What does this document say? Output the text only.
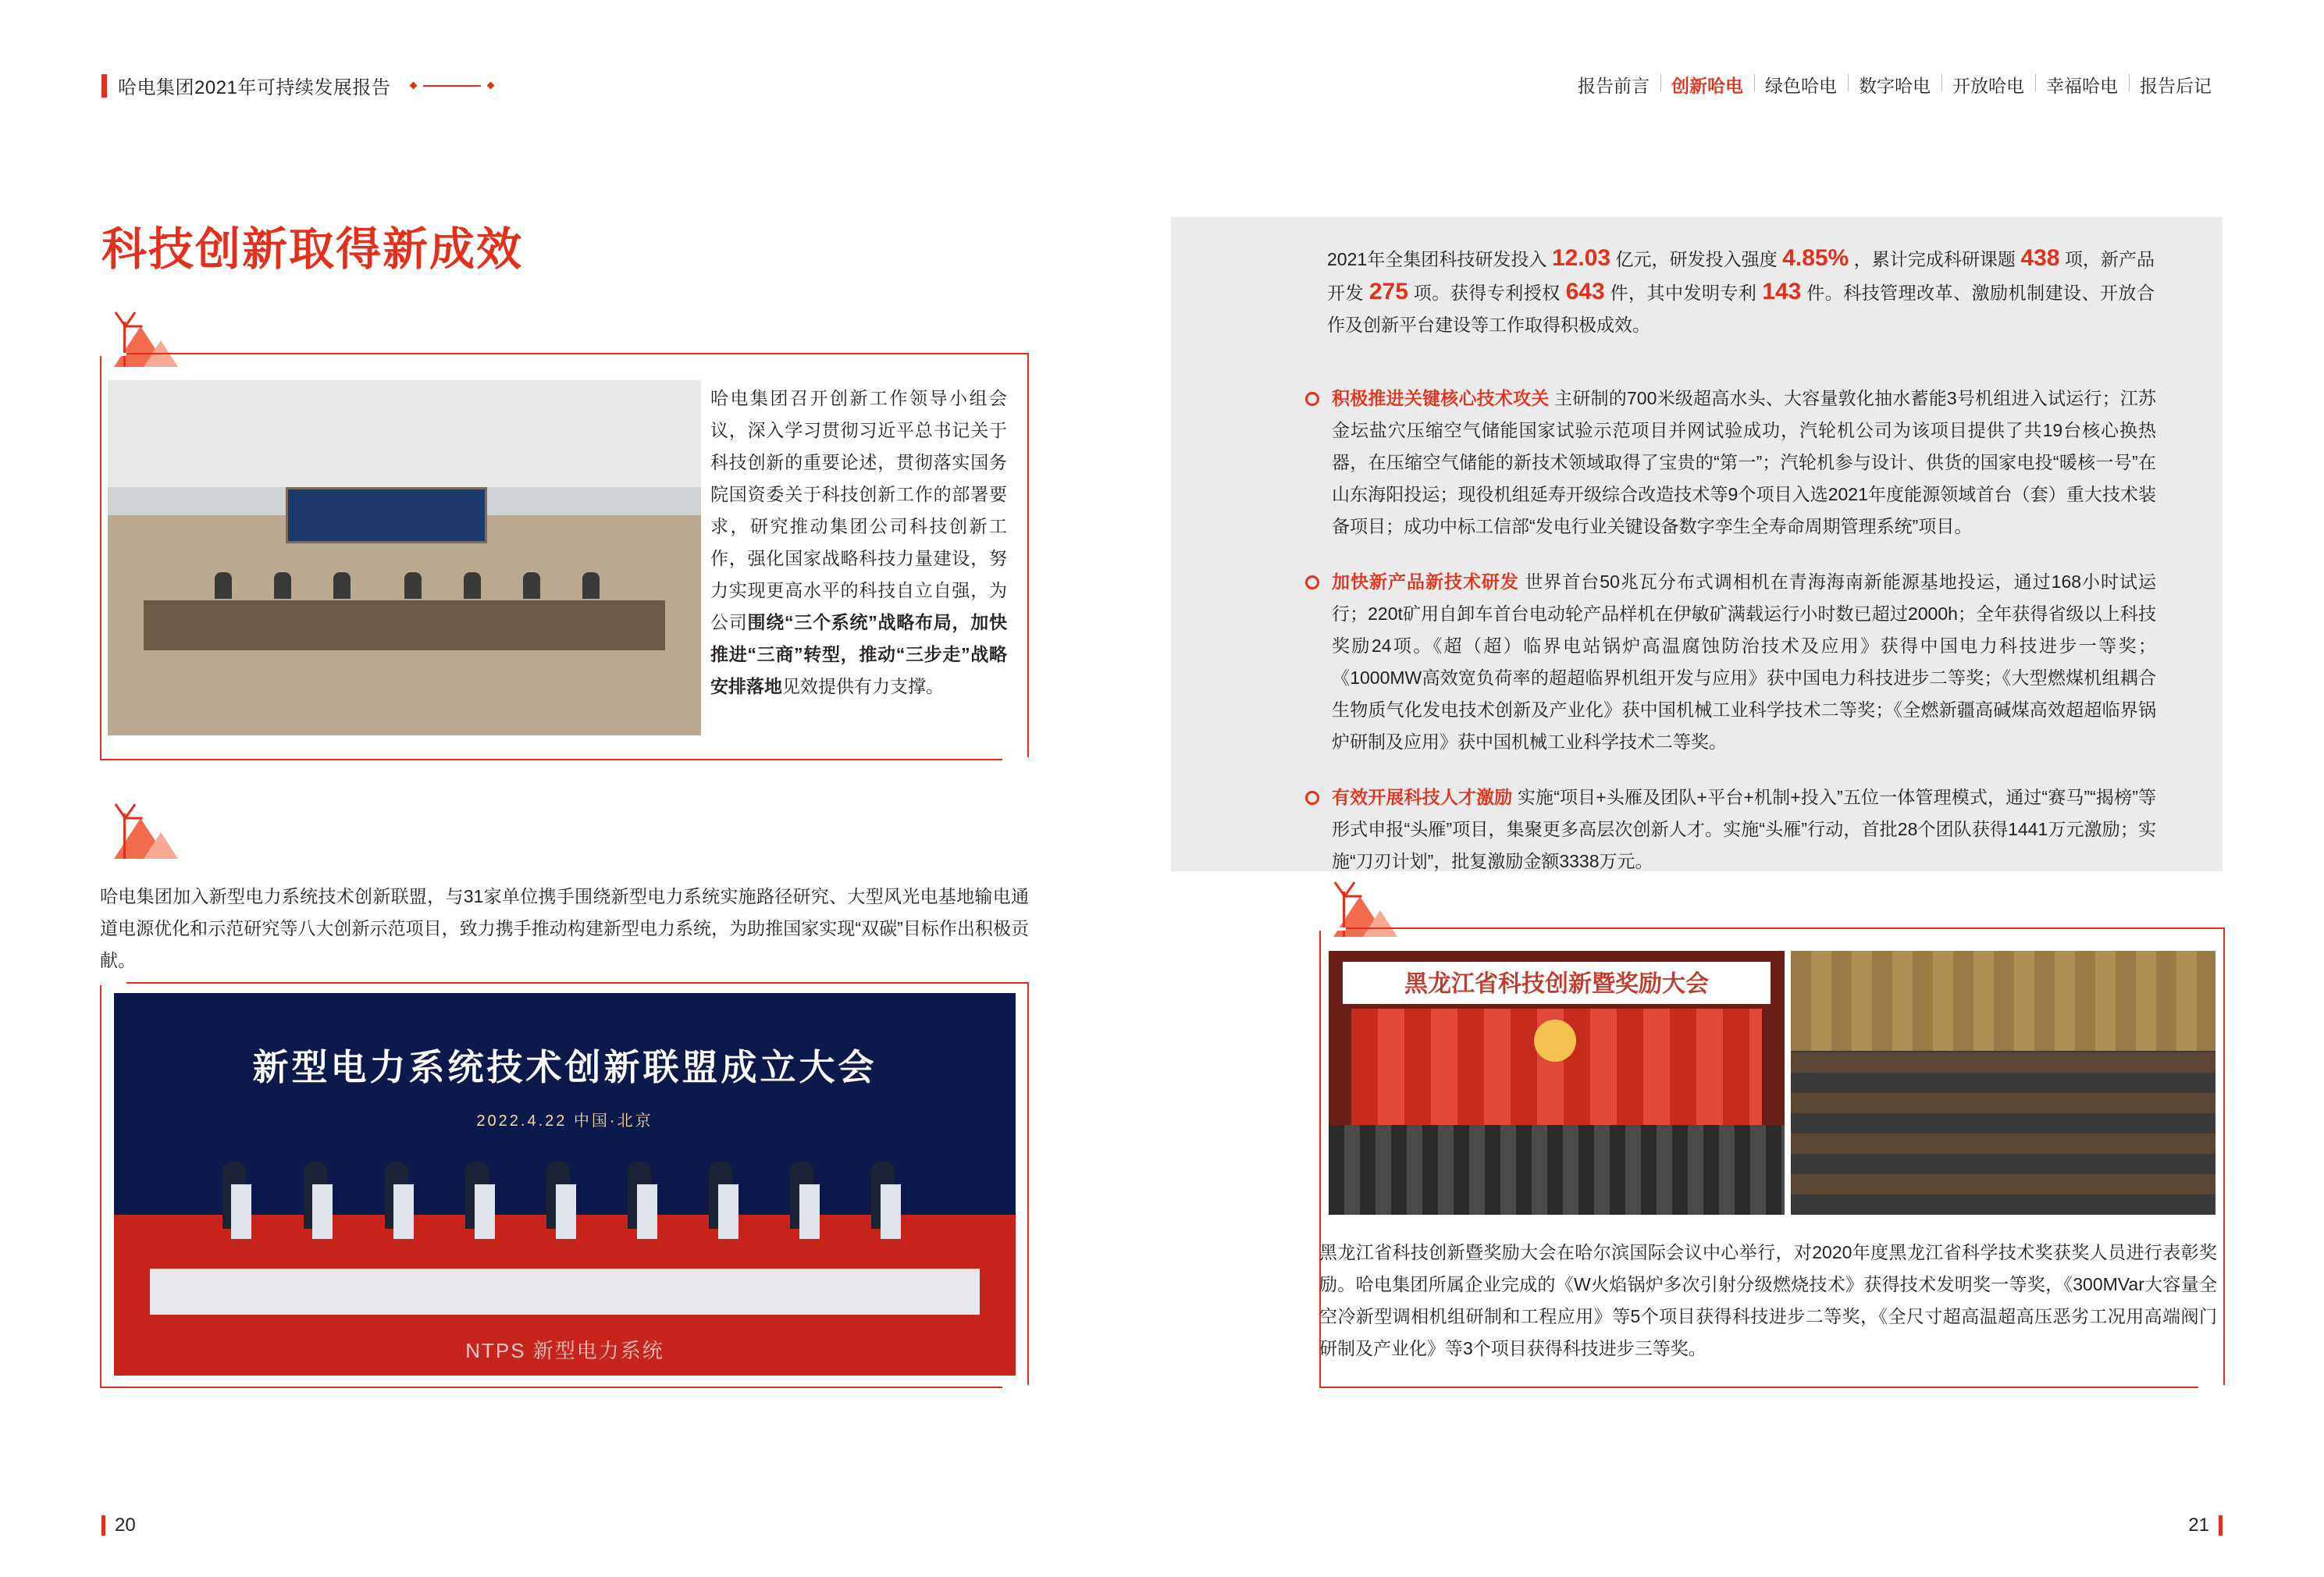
哈电集团2021年可持续发展报告	报告前言	创新哈电	绿色哈电	数字哈电	开放哈电	幸福哈电	报告后记
科技创新取得新成效
哈电集团召开创新工作领导小组会议，深入学习贯彻习近平总书记关于科技创新的重要论述，贯彻落实国务院国资委关于科技创新工作的部署要求，研究推动集团公司科技创新工作，强化国家战略科技力量建设，努力实现更高水平的科技自立自强，为公司围绕“三个系统”战略布局，加快推进“三商”转型，推动“三步走”战略安排落地见效提供有力支撑。
哈电集团加入新型电力系统技术创新联盟，与31家单位携手围绕新型电力系统实施路径研究、大型风光电基地输电通道电源优化和示范研究等八大创新示范项目，致力携手推动构建新型电力系统，为助推国家实现“双碳”目标作出积极贡献。
新型电力系统技术创新联盟成立大会
2022.4.22 中国·北京
NTPS 新型电力系统
20
2021年全集团科技研发投入 12.03 亿元，研发投入强度 4.85% ，累计完成科研课题 438 项，新产品开发 275 项。获得专利授权 643 件，其中发明专利 143 件。科技管理改革、激励机制建设、开放合作及创新平台建设等工作取得积极成效。
积极推进关键核心技术攻关 主研制的700米级超高水头、大容量敦化抽水蓄能3号机组进入试运行；江苏金坛盐穴压缩空气储能国家试验示范项目并网试验成功，汽轮机公司为该项目提供了共19台核心换热器，在压缩空气储能的新技术领域取得了宝贵的“第一”；汽轮机参与设计、供货的国家电投“暖核一号”在山东海阳投运；现役机组延寿开级综合改造技术等9个项目入选2021年度能源领域首台（套）重大技术装备项目；成功中标工信部“发电行业关键设备数字孪生全寿命周期管理系统”项目。
加快新产品新技术研发 世界首台50兆瓦分布式调相机在青海海南新能源基地投运，通过168小时试运行；220t矿用自卸车首台电动轮产品样机在伊敏矿满载运行小时数已超过2000h；全年获得省级以上科技奖励24项。《超（超）临界电站锅炉高温腐蚀防治技术及应用》获得中国电力科技进步一等奖；《1000MW高效宽负荷率的超超临界机组开发与应用》获中国电力科技进步二等奖；《大型燃煤机组耦合生物质气化发电技术创新及产业化》获中国机械工业科学技术二等奖；《全燃新疆高碱煤高效超超临界锅炉研制及应用》获中国机械工业科学技术二等奖。
有效开展科技人才激励 实施“项目+头雁及团队+平台+机制+投入”五位一体管理模式，通过“赛马”“揭榜”等形式申报“头雁”项目，集聚更多高层次创新人才。实施“头雁”行动，首批28个团队获得1441万元激励；实施“刀刃计划”，批复激励金额3338万元。
黑龙江省科技创新暨奖励大会
黑龙江省科技创新暨奖励大会在哈尔滨国际会议中心举行，对2020年度黑龙江省科学技术奖获奖人员进行表彰奖励。哈电集团所属企业完成的《W火焰锅炉多次引射分级燃烧技术》获得技术发明奖一等奖，《300MVar大容量全空冷新型调相机组研制和工程应用》等5个项目获得科技进步二等奖，《全尺寸超高温超高压恶劣工况用高端阀门研制及产业化》等3个项目获得科技进步三等奖。
21
